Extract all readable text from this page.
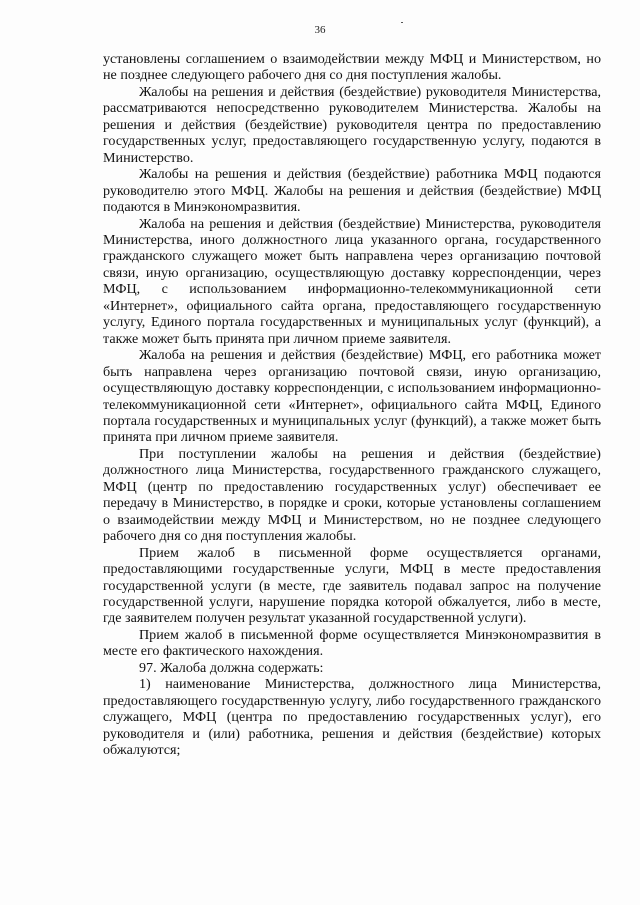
36

установлены соглашением о взаимодействии между МФЦ и Министерством, но не позднее следующего рабочего дня со дня поступления жалобы.

Жалобы на решения и действия (бездействие) руководителя Министерства, рассматриваются непосредственно руководителем Министерства. Жалобы на решения и действия (бездействие) руководителя центра по предоставлению государственных услуг, предоставляющего государственную услугу, подаются в Министерство.

Жалобы на решения и действия (бездействие) работника МФЦ подаются руководителю этого МФЦ. Жалобы на решения и действия (бездействие) МФЦ подаются в Минэкономразвития.

Жалоба на решения и действия (бездействие) Министерства, руководителя Министерства, иного должностного лица указанного органа, государственного гражданского служащего может быть направлена через организацию почтовой связи, иную организацию, осуществляющую доставку корреспонденции, через МФЦ, с использованием информационно-телекоммуникационной сети «Интернет», официального сайта органа, предоставляющего государственную услугу, Единого портала государственных и муниципальных услуг (функций), а также может быть принята при личном приеме заявителя.

Жалоба на решения и действия (бездействие) МФЦ, его работника может быть направлена через организацию почтовой связи, иную организацию, осуществляющую доставку корреспонденции, с использованием информационно-телекоммуникационной сети «Интернет», официального сайта МФЦ, Единого портала государственных и муниципальных услуг (функций), а также может быть принята при личном приеме заявителя.

При поступлении жалобы на решения и действия (бездействие) должностного лица Министерства, государственного гражданского служащего, МФЦ (центр по предоставлению государственных услуг) обеспечивает ее передачу в Министерство, в порядке и сроки, которые установлены соглашением о взаимодействии между МФЦ и Министерством, но не позднее следующего рабочего дня со дня поступления жалобы.

Прием жалоб в письменной форме осуществляется органами, предоставляющими государственные услуги, МФЦ в месте предоставления государственной услуги (в месте, где заявитель подавал запрос на получение государственной услуги, нарушение порядка которой обжалуется, либо в месте, где заявителем получен результат указанной государственной услуги).

Прием жалоб в письменной форме осуществляется Минэкономразвития в месте его фактического нахождения.

97. Жалоба должна содержать:

1) наименование Министерства, должностного лица Министерства, предоставляющего государственную услугу, либо государственного гражданского служащего, МФЦ (центра по предоставлению государственных услуг), его руководителя и (или) работника, решения и действия (бездействие) которых обжалуются;
